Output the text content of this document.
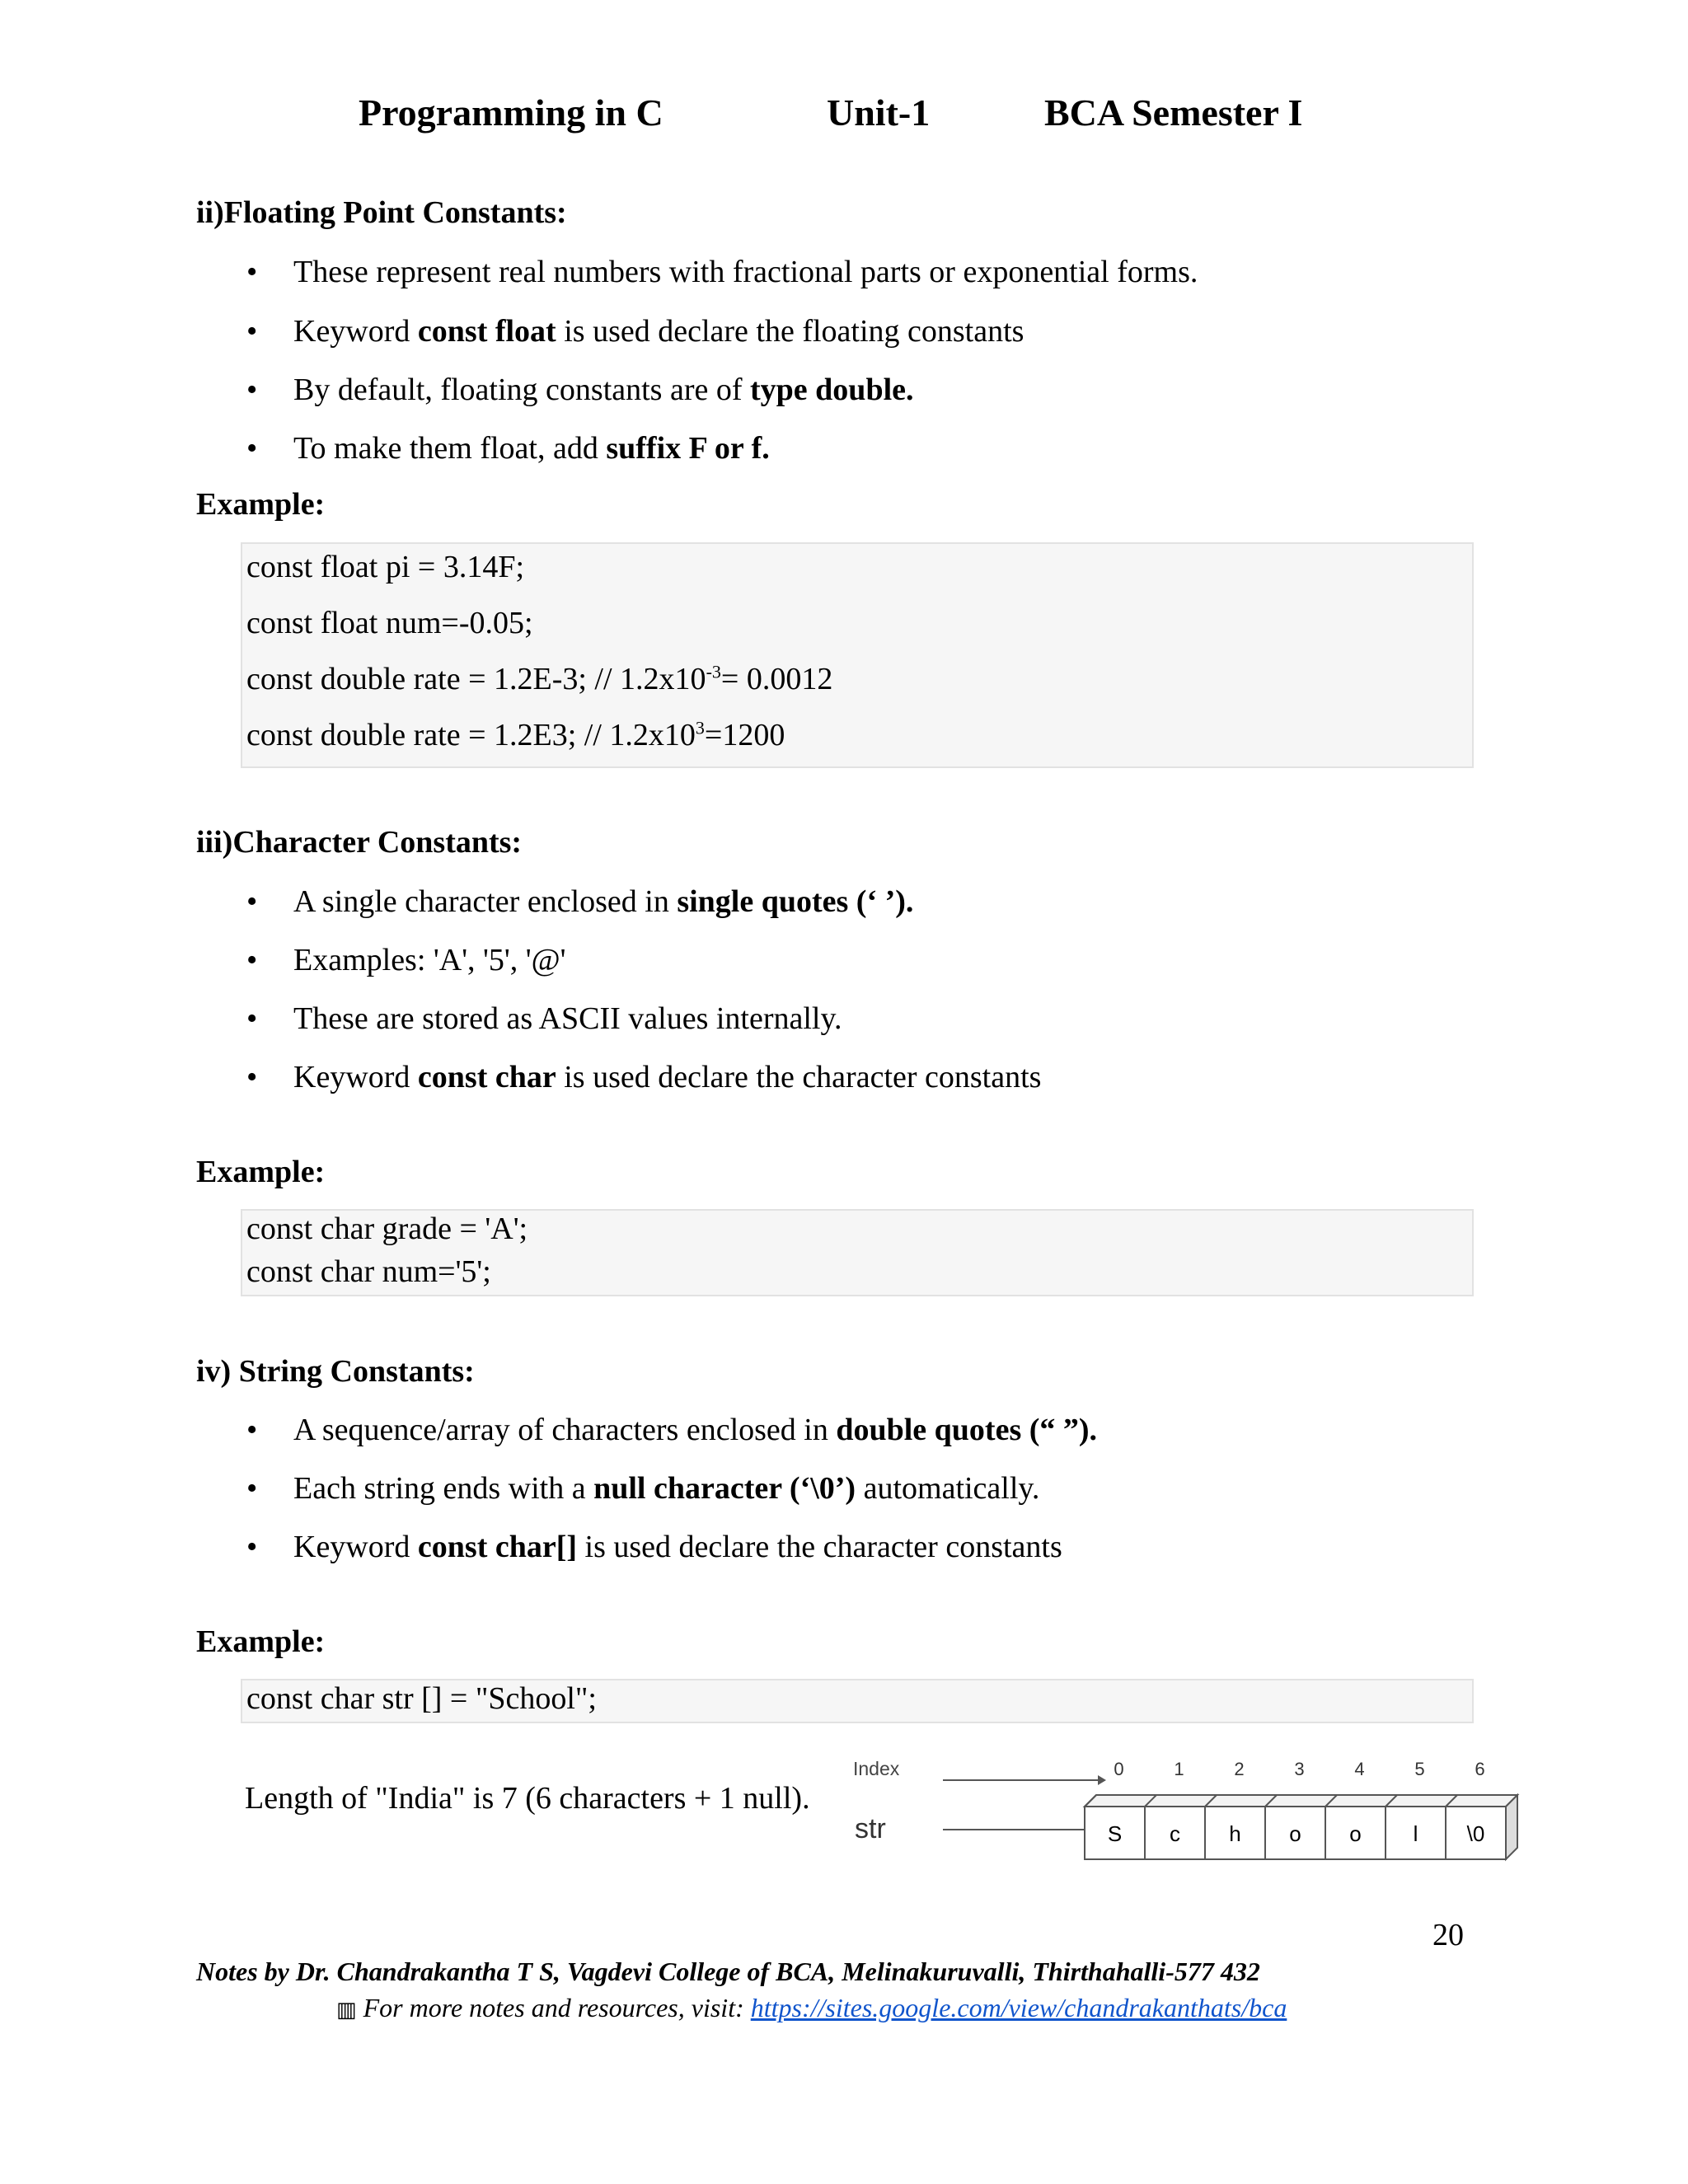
Programming in C	Unit-1	BCA Semester I
ii)Floating Point Constants:
• These represent real numbers with fractional parts or exponential forms.
• Keyword const float is used declare the floating constants
• By default, floating constants are of type double.
• To make them float, add suffix F or f.
Example:
const float pi = 3.14F;
const float num=-0.05;
const double rate = 1.2E-3; // $1.2x10^{-3}= 0.0012$
const double rate = 1.2E3; // $1.2x10^3=1200$
iii)Character Constants:
• A single character enclosed in single quotes (‘ ’).
• Examples: 'A', '5', '@'
• These are stored as ASCII values internally.
• Keyword const char is used declare the character constants
Example:
const char grade = 'A';
const char num='5';
iv) String Constants:
• A sequence/array of characters enclosed in double quotes (“ ”).
• Each string ends with a null character (‘\0’) automatically.
• Keyword const char[] is used declare the character constants
Example:
const char str [] = "School";
Length of "India" is 7 (6 characters + 1 null).
Index
str	S
0
c
1
h
2
o
3
o
4
l
5
\0
6
20
Notes by Dr. Chandrakantha T S, Vagdevi College of BCA, Melinakuruvalli, Thirthahalli-577 432
▥ For more notes and resources, visit: https://sites.google.com/view/chandrakanthats/bca
